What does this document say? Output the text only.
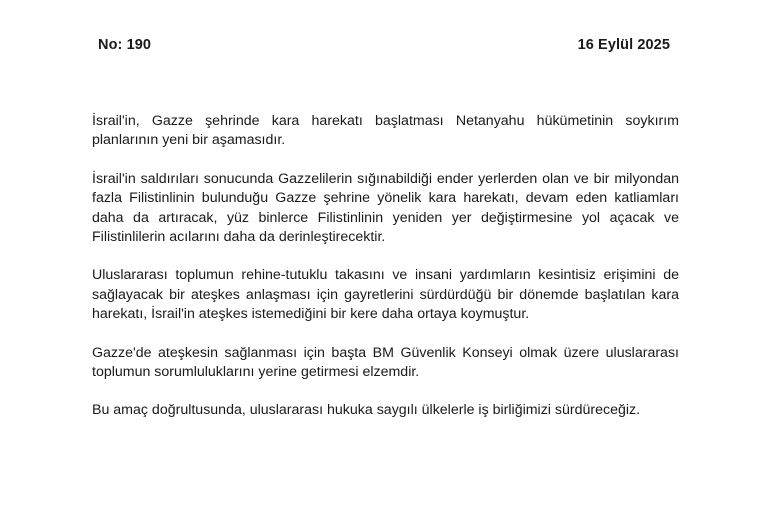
No: 190	16 Eylül 2025

İsrail'in, Gazze şehrinde kara harekatı başlatması Netanyahu hükümetinin soykırım planlarının yeni bir aşamasıdır.

İsrail'in saldırıları sonucunda Gazzelilerin sığınabildiği ender yerlerden olan ve bir milyondan fazla Filistinlinin bulunduğu Gazze şehrine yönelik kara harekatı, devam eden katliamları daha da artıracak, yüz binlerce Filistinlinin yeniden yer değiştirmesine yol açacak ve Filistinlilerin acılarını daha da derinleştirecektir.

Uluslararası toplumun rehine-tutuklu takasını ve insani yardımların kesintisiz erişimini de sağlayacak bir ateşkes anlaşması için gayretlerini sürdürdüğü bir dönemde başlatılan kara harekatı, İsrail'in ateşkes istemediğini bir kere daha ortaya koymuştur.

Gazze'de ateşkesin sağlanması için başta BM Güvenlik Konseyi olmak üzere uluslararası toplumun sorumluluklarını yerine getirmesi elzemdir.

Bu amaç doğrultusunda, uluslararası hukuka saygılı ülkelerle iş birliğimizi sürdüreceğiz.
